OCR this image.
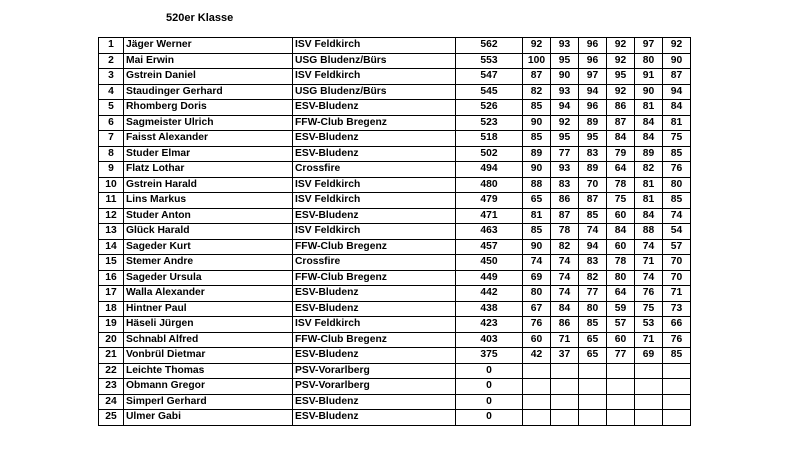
520er Klasse
1	Jäger Werner	ISV Feldkirch	562	92	93	96	92	97	92
2	Mai Erwin	USG Bludenz/Bürs	553	100	95	96	92	80	90
3	Gstrein Daniel	ISV Feldkirch	547	87	90	97	95	91	87
4	Staudinger Gerhard	USG Bludenz/Bürs	545	82	93	94	92	90	94
5	Rhomberg Doris	ESV-Bludenz	526	85	94	96	86	81	84
6	Sagmeister Ulrich	FFW-Club Bregenz	523	90	92	89	87	84	81
7	Faisst Alexander	ESV-Bludenz	518	85	95	95	84	84	75
8	Studer Elmar	ESV-Bludenz	502	89	77	83	79	89	85
9	Flatz Lothar	Crossfire	494	90	93	89	64	82	76
10	Gstrein Harald	ISV Feldkirch	480	88	83	70	78	81	80
11	Lins Markus	ISV Feldkirch	479	65	86	87	75	81	85
12	Studer Anton	ESV-Bludenz	471	81	87	85	60	84	74
13	Glück Harald	ISV Feldkirch	463	85	78	74	84	88	54
14	Sageder Kurt	FFW-Club Bregenz	457	90	82	94	60	74	57
15	Stemer Andre	Crossfire	450	74	74	83	78	71	70
16	Sageder Ursula	FFW-Club Bregenz	449	69	74	82	80	74	70
17	Walla Alexander	ESV-Bludenz	442	80	74	77	64	76	71
18	Hintner Paul	ESV-Bludenz	438	67	84	80	59	75	73
19	Häseli Jürgen	ISV Feldkirch	423	76	86	85	57	53	66
20	Schnabl Alfred	FFW-Club Bregenz	403	60	71	65	60	71	76
21	Vonbrül Dietmar	ESV-Bludenz	375	42	37	65	77	69	85
22	Leichte Thomas	PSV-Vorarlberg	0						
23	Obmann Gregor	PSV-Vorarlberg	0						
24	Simperl Gerhard	ESV-Bludenz	0						
25	Ulmer Gabi	ESV-Bludenz	0						
